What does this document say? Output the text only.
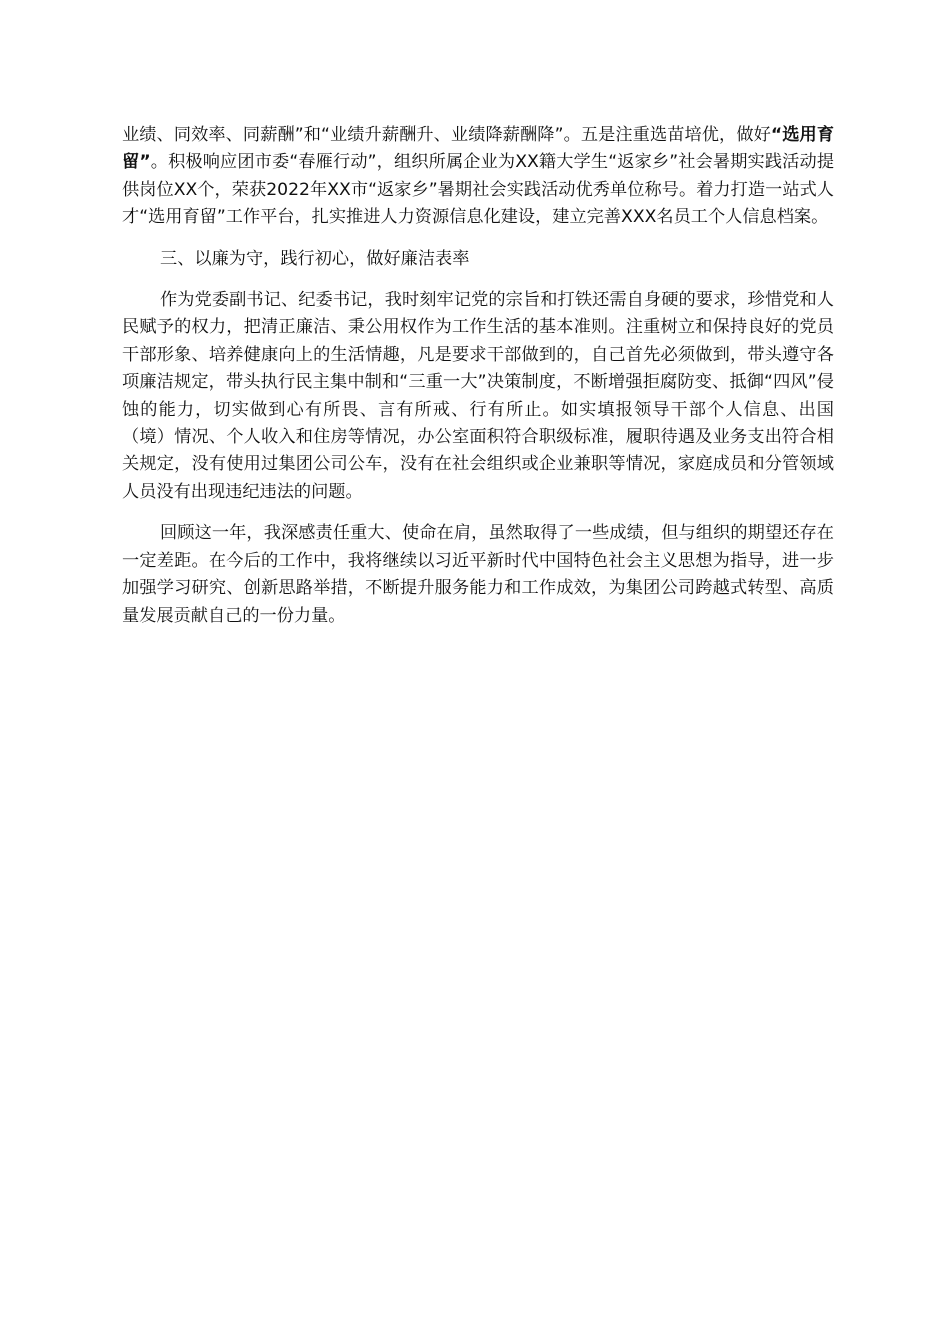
业绩、同效率、同薪酬”和“业绩升薪酬升、业绩降薪酬降”。五是注重选苗培优，做好“选用育留”。积极响应团市委“春雁行动”，组织所属企业为XX籍大学生“返家乡”社会暑期实践活动提供岗位XX个，荣获2022年XX市“返家乡”暑期社会实践活动优秀单位称号。着力打造一站式人才“选用育留”工作平台，扎实推进人力资源信息化建设，建立完善XXX名员工个人信息档案。

三、以廉为守，践行初心，做好廉洁表率

作为党委副书记、纪委书记，我时刻牢记党的宗旨和打铁还需自身硬的要求，珍惜党和人民赋予的权力，把清正廉洁、秉公用权作为工作生活的基本准则。注重树立和保持良好的党员干部形象、培养健康向上的生活情趣，凡是要求干部做到的，自己首先必须做到，带头遵守各项廉洁规定，带头执行民主集中制和“三重一大”决策制度，不断增强拒腐防变、抵御“四风”侵蚀的能力，切实做到心有所畏、言有所戒、行有所止。如实填报领导干部个人信息、出国（境）情况、个人收入和住房等情况，办公室面积符合职级标准，履职待遇及业务支出符合相关规定，没有使用过集团公司公车，没有在社会组织或企业兼职等情况，家庭成员和分管领域人员没有出现违纪违法的问题。

回顾这一年，我深感责任重大、使命在肩，虽然取得了一些成绩，但与组织的期望还存在一定差距。在今后的工作中，我将继续以习近平新时代中国特色社会主义思想为指导，进一步加强学习研究、创新思路举措，不断提升服务能力和工作成效，为集团公司跨越式转型、高质量发展贡献自己的一份力量。
